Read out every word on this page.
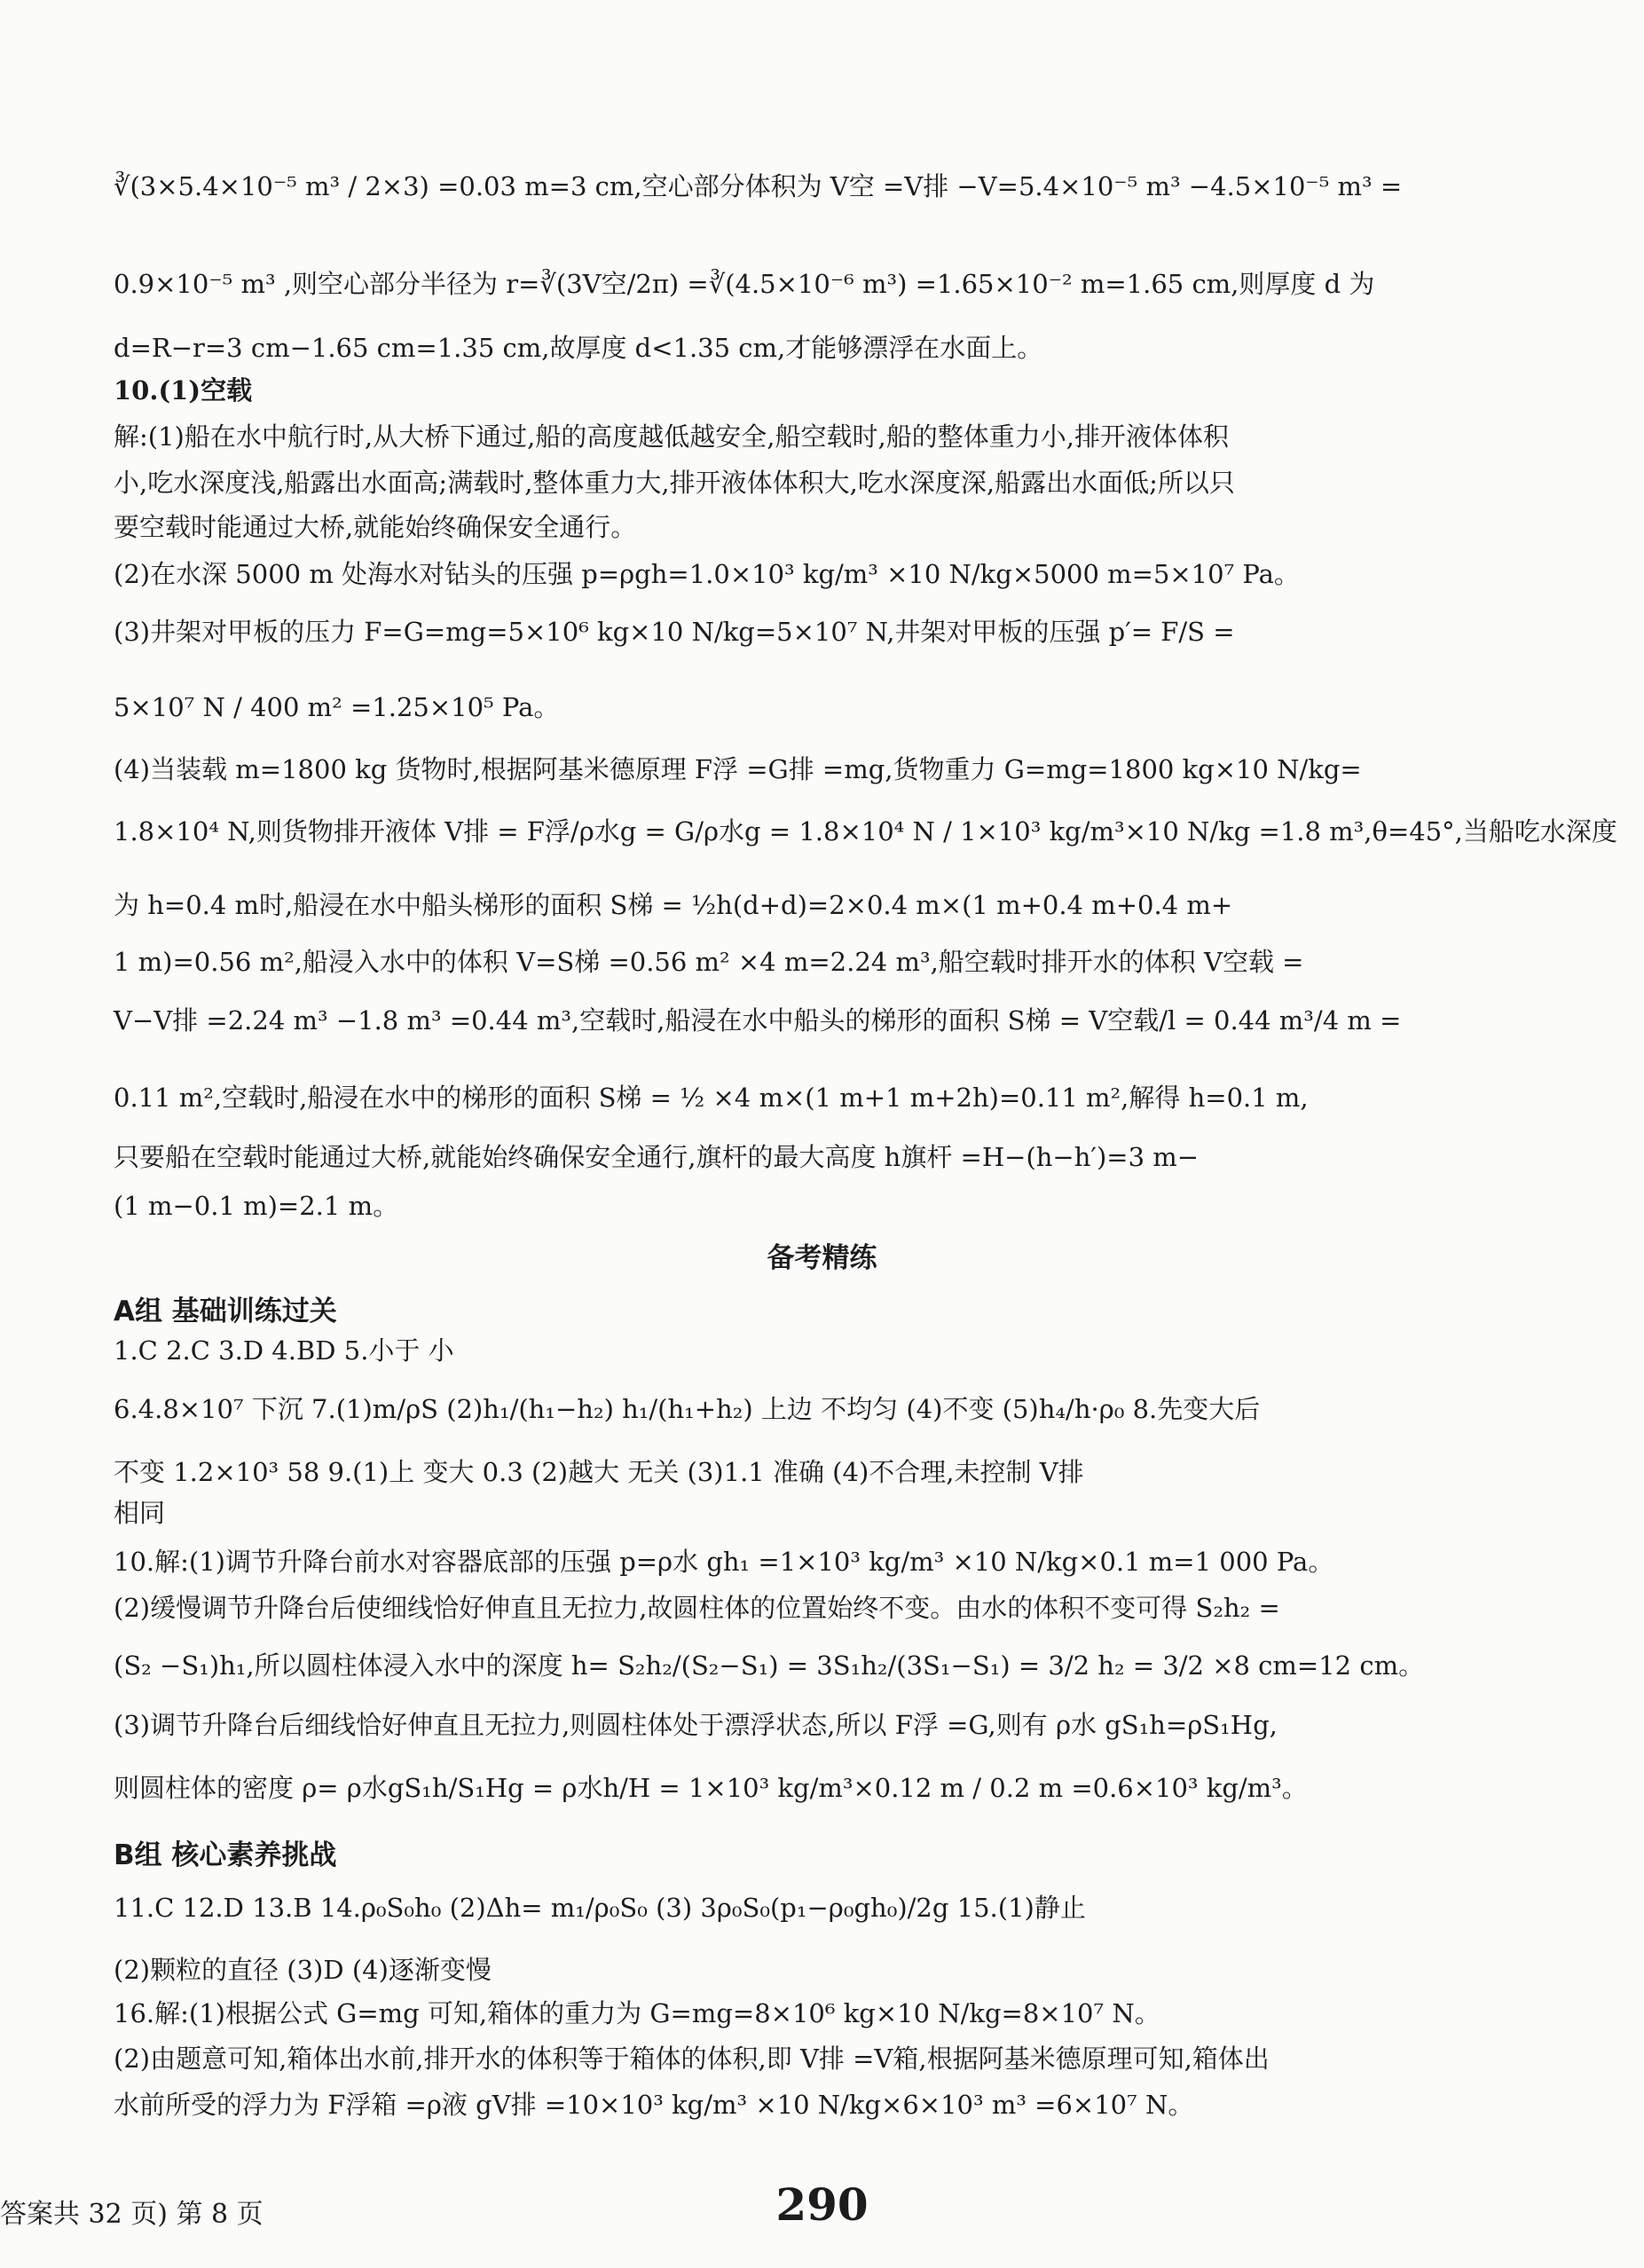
∛(3×5.4×10⁻⁵ m³ / 2×3) =0.03 m=3 cm,空心部分体积为 V空 =V排 −V=5.4×10⁻⁵ m³ −4.5×10⁻⁵ m³ =
0.9×10⁻⁵ m³ ,则空心部分半径为 r=∛(3V空/2π) =∛(4.5×10⁻⁶ m³) =1.65×10⁻² m=1.65 cm,则厚度 d 为
d=R−r=3 cm−1.65 cm=1.35 cm,故厚度 d<1.35 cm,才能够漂浮在水面上。
10.(1)空载
解:(1)船在水中航行时,从大桥下通过,船的高度越低越安全,船空载时,船的整体重力小,排开液体体积
小,吃水深度浅,船露出水面高;满载时,整体重力大,排开液体体积大,吃水深度深,船露出水面低;所以只
要空载时能通过大桥,就能始终确保安全通行。
(2)在水深 5000 m 处海水对钻头的压强 p=ρgh=1.0×10³ kg/m³ ×10 N/kg×5000 m=5×10⁷ Pa。
(3)井架对甲板的压力 F=G=mg=5×10⁶ kg×10 N/kg=5×10⁷ N,井架对甲板的压强 p′= F/S =
5×10⁷ N / 400 m² =1.25×10⁵ Pa。
(4)当装载 m=1800 kg 货物时,根据阿基米德原理 F浮 =G排 =mg,货物重力 G=mg=1800 kg×10 N/kg=
1.8×10⁴ N,则货物排开液体 V排 = F浮/ρ水g = G/ρ水g = 1.8×10⁴ N / 1×10³ kg/m³×10 N/kg =1.8 m³,θ=45°,当船吃水深度
为 h=0.4 m时,船浸在水中船头梯形的面积 S梯 = ½h(d+d)=2×0.4 m×(1 m+0.4 m+0.4 m+
1 m)=0.56 m²,船浸入水中的体积 V=S梯 =0.56 m² ×4 m=2.24 m³,船空载时排开水的体积 V空载 =
V−V排 =2.24 m³ −1.8 m³ =0.44 m³,空载时,船浸在水中船头的梯形的面积 S梯 = V空载/l = 0.44 m³/4 m =
0.11 m²,空载时,船浸在水中的梯形的面积 S梯 = ½ ×4 m×(1 m+1 m+2h)=0.11 m²,解得 h=0.1 m,
只要船在空载时能通过大桥,就能始终确保安全通行,旗杆的最大高度 h旗杆 =H−(h−h′)=3 m−
(1 m−0.1 m)=2.1 m。
备考精练
A组 基础训练过关
1.C 2.C 3.D 4.BD 5.小于 小
6.4.8×10⁷ 下沉 7.(1)m/ρS (2)h₁/(h₁−h₂) h₁/(h₁+h₂) 上边 不均匀 (4)不变 (5)h₄/h·ρ₀ 8.先变大后
不变 1.2×10³ 58 9.(1)上 变大 0.3 (2)越大 无关 (3)1.1 准确 (4)不合理,未控制 V排
相同
10.解:(1)调节升降台前水对容器底部的压强 p=ρ水 gh₁ =1×10³ kg/m³ ×10 N/kg×0.1 m=1 000 Pa。
(2)缓慢调节升降台后使细线恰好伸直且无拉力,故圆柱体的位置始终不变。由水的体积不变可得 S₂h₂ =
(S₂ −S₁)h₁,所以圆柱体浸入水中的深度 h= S₂h₂/(S₂−S₁) = 3S₁h₂/(3S₁−S₁) = 3/2 h₂ = 3/2 ×8 cm=12 cm。
(3)调节升降台后细线恰好伸直且无拉力,则圆柱体处于漂浮状态,所以 F浮 =G,则有 ρ水 gS₁h=ρS₁Hg,
则圆柱体的密度 ρ= ρ水gS₁h/S₁Hg = ρ水h/H = 1×10³ kg/m³×0.12 m / 0.2 m =0.6×10³ kg/m³。
B组 核心素养挑战
11.C 12.D 13.B 14.ρ₀S₀h₀ (2)Δh= m₁/ρ₀S₀ (3) 3ρ₀S₀(p₁−ρ₀gh₀)/2g 15.(1)静止
(2)颗粒的直径 (3)D (4)逐渐变慢
16.解:(1)根据公式 G=mg 可知,箱体的重力为 G=mg=8×10⁶ kg×10 N/kg=8×10⁷ N。
(2)由题意可知,箱体出水前,排开水的体积等于箱体的体积,即 V排 =V箱,根据阿基米德原理可知,箱体出
水前所受的浮力为 F浮箱 =ρ液 gV排 =10×10³ kg/m³ ×10 N/kg×6×10³ m³ =6×10⁷ N。
答案共 32 页) 第 8 页	290
